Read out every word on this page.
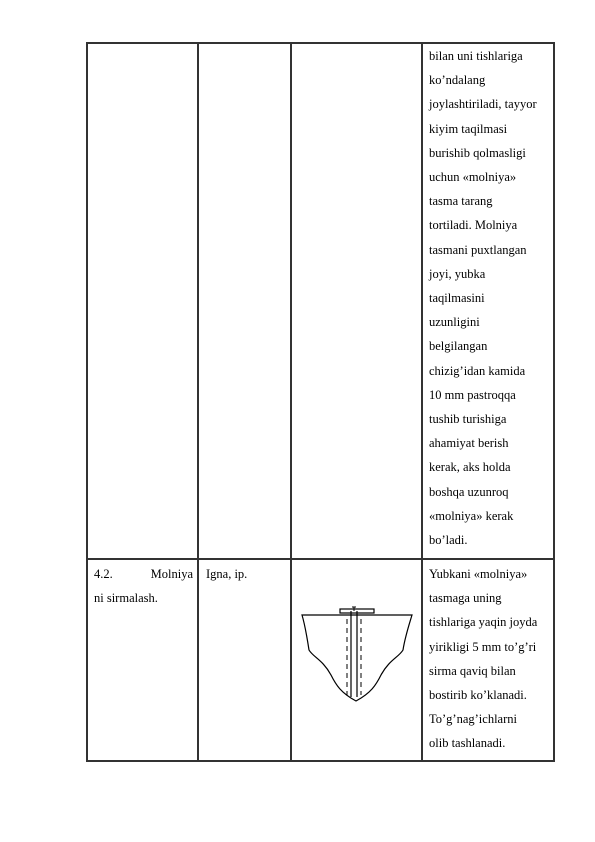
bilan uni tishlariga
ko’ndalang
joylashtiriladi, tayyor
kiyim taqilmasi
burishib qolmasligi
uchun «molniya»
tasma tarang
tortiladi. Molniya
tasmani puxtlangan
joyi, yubka
taqilmasini
uzunligini
belgilangan
chizig’idan kamida
10 mm pastroqqa
tushib turishiga
ahamiyat berish
kerak, aks holda
boshqa uzunroq
«molniya» kerak
bo’ladi.
4.2.	Molniya
ni sirmalash.
Igna, ip.	Yubkani «molniya»
tasmaga uning
tishlariga yaqin joyda
yirikligi 5 mm to’g’ri
sirma qaviq bilan
bostirib ko’klanadi.
To’g’nag’ichlarni
olib tashlanadi.
